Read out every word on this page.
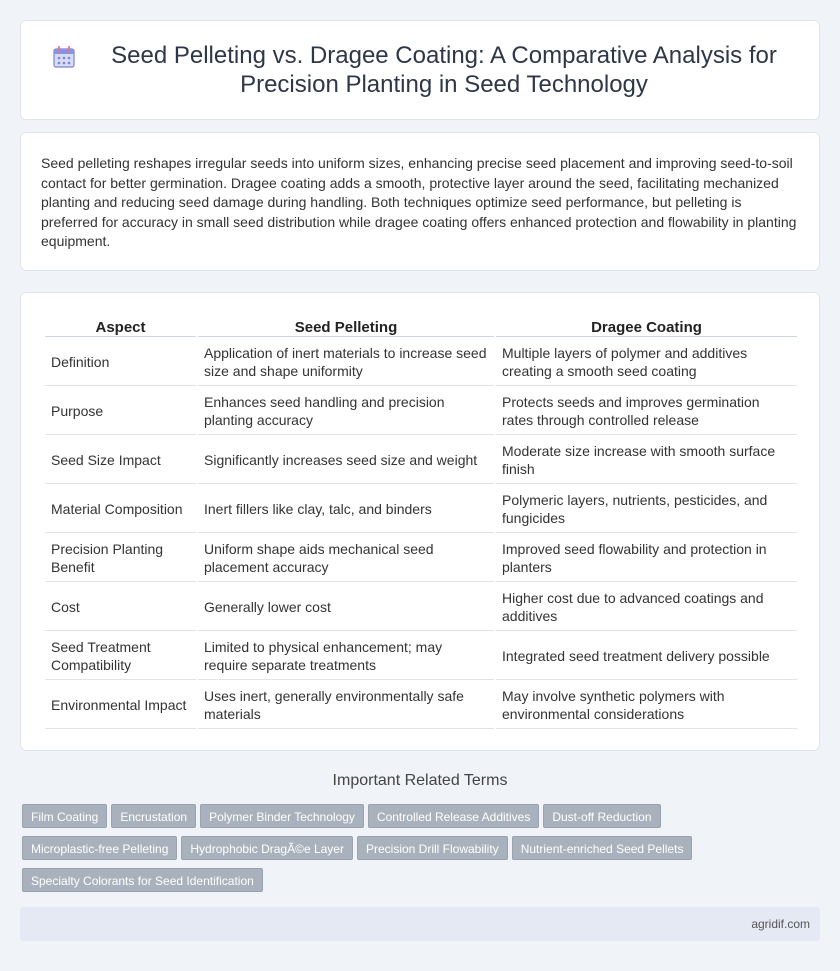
Seed Pelleting vs. Dragee Coating: A Comparative Analysis for Precision Planting in Seed Technology

Seed pelleting reshapes irregular seeds into uniform sizes, enhancing precise seed placement and improving seed-to-soil contact for better germination. Dragee coating adds a smooth, protective layer around the seed, facilitating mechanized planting and reducing seed damage during handling. Both techniques optimize seed performance, but pelleting is preferred for accuracy in small seed distribution while dragee coating offers enhanced protection and flowability in planting equipment.

Aspect	Seed Pelleting	Dragee Coating
Definition	Application of inert materials to increase seed size and shape uniformity	Multiple layers of polymer and additives creating a smooth seed coating
Purpose	Enhances seed handling and precision planting accuracy	Protects seeds and improves germination rates through controlled release
Seed Size Impact	Significantly increases seed size and weight	Moderate size increase with smooth surface finish
Material Composition	Inert fillers like clay, talc, and binders	Polymeric layers, nutrients, pesticides, and fungicides
Precision Planting Benefit	Uniform shape aids mechanical seed placement accuracy	Improved seed flowability and protection in planters
Cost	Generally lower cost	Higher cost due to advanced coatings and additives
Seed Treatment Compatibility	Limited to physical enhancement; may require separate treatments	Integrated seed treatment delivery possible
Environmental Impact	Uses inert, generally environmentally safe materials	May involve synthetic polymers with environmental considerations
Important Related Terms
Film Coating Encrustation Polymer Binder Technology Controlled Release Additives Dust-off Reduction
Microplastic-free Pelleting Hydrophobic DragÃ©e Layer Precision Drill Flowability Nutrient-enriched Seed Pellets
Specialty Colorants for Seed Identification
agridif.com
